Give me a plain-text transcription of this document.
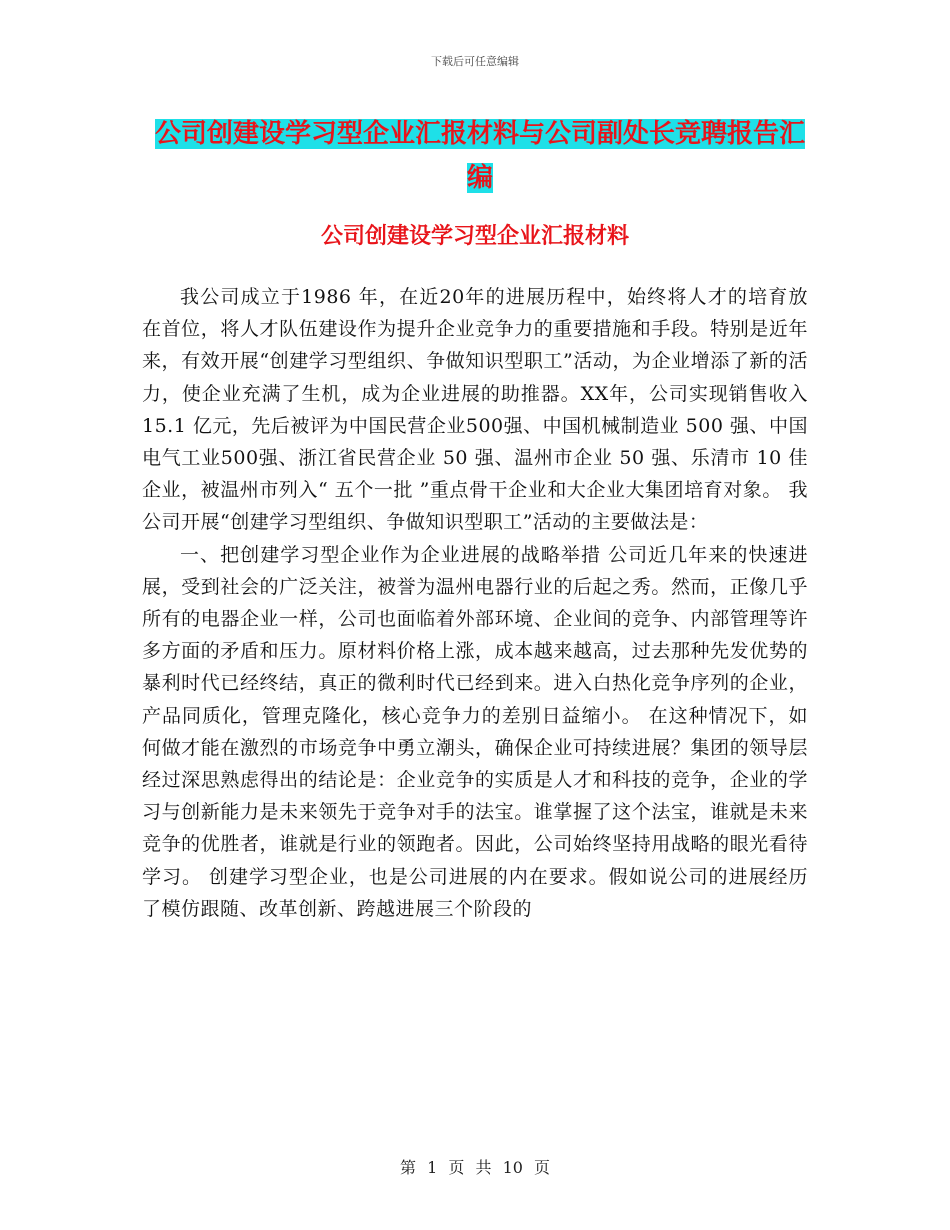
下载后可任意编辑
公司创建设学习型企业汇报材料与公司副处长竞聘报告汇编
公司创建设学习型企业汇报材料

我公司成立于1986 年，在近20年的进展历程中，始终将人才的培育放在首位，将人才队伍建设作为提升企业竞争力的重要措施和手段。特别是近年来，有效开展“创建学习型组织、争做知识型职工”活动，为企业增添了新的活力，使企业充满了生机，成为企业进展的助推器。XX年，公司实现销售收入15.1 亿元，先后被评为中国民营企业500强、中国机械制造业 500 强、中国电气工业500强、浙江省民营企业 50 强、温州市企业 50 强、乐清市 10 佳企业，被温州市列入“ 五个一批 ”重点骨干企业和大企业大集团培育对象。 我公司开展“创建学习型组织、争做知识型职工”活动的主要做法是：

一、把创建学习型企业作为企业进展的战略举措 公司近几年来的快速进展，受到社会的广泛关注，被誉为温州电器行业的后起之秀。然而，正像几乎所有的电器企业一样，公司也面临着外部环境、企业间的竞争、内部管理等许多方面的矛盾和压力。原材料价格上涨，成本越来越高，过去那种先发优势的暴利时代已经终结，真正的微利时代已经到来。进入白热化竞争序列的企业，产品同质化，管理克隆化，核心竞争力的差别日益缩小。 在这种情况下，如何做才能在激烈的市场竞争中勇立潮头，确保企业可持续进展？集团的领导层经过深思熟虑得出的结论是：企业竞争的实质是人才和科技的竞争，企业的学习与创新能力是未来领先于竞争对手的法宝。谁掌握了这个法宝，谁就是未来竞争的优胜者，谁就是行业的领跑者。因此，公司始终坚持用战略的眼光看待学习。 创建学习型企业，也是公司进展的内在要求。假如说公司的进展经历了模仿跟随、改革创新、跨越进展三个阶段的

第 1 页 共 10 页
